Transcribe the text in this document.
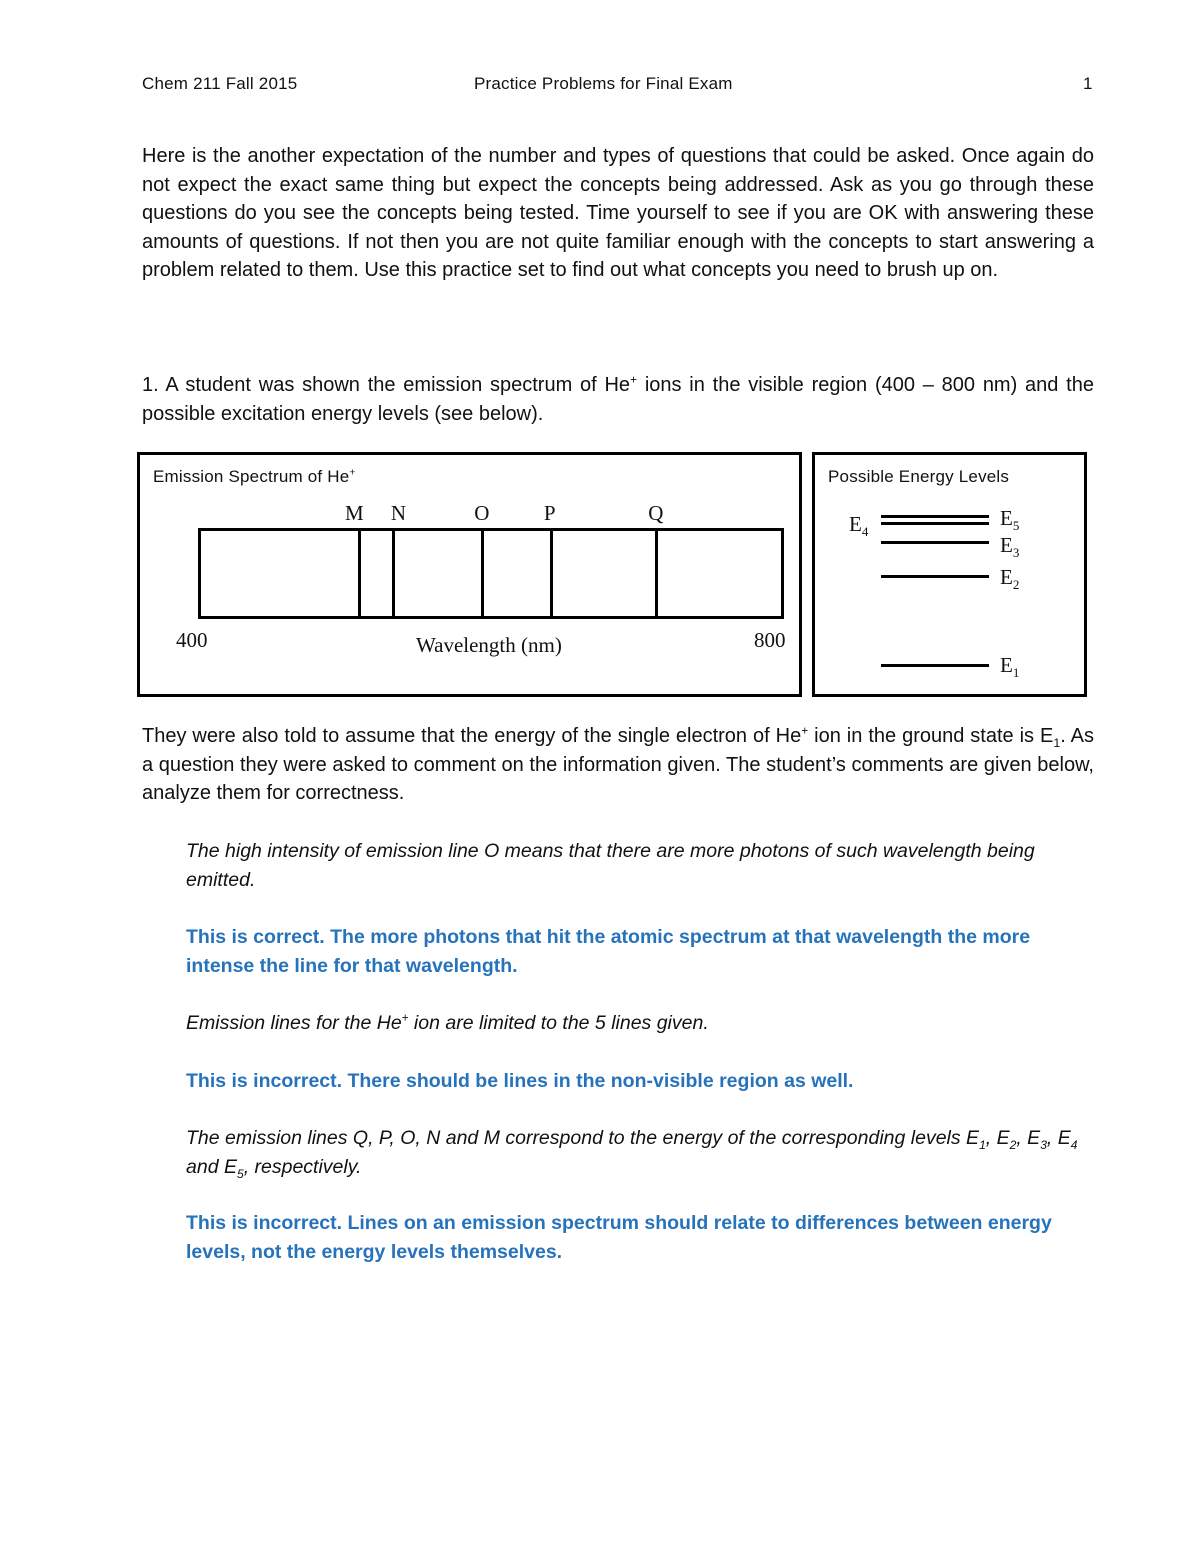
Chem 211 Fall 2015	Practice Problems for Final Exam	1

Here is the another expectation of the number and types of questions that could be asked. Once again do not expect the exact same thing but expect the concepts being addressed. Ask as you go through these questions do you see the concepts being tested. Time yourself to see if you are OK with answering these amounts of questions. If not then you are not quite familiar enough with the concepts to start answering a problem related to them. Use this practice set to find out what concepts you need to brush up on.

1. A student was shown the emission spectrum of He+ ions in the visible region (400 – 800 nm) and the possible excitation energy levels (see below).

Emission Spectrum of He+
M N	O	P	Q
400	Wavelength (nm)	800
Possible Energy Levels
$E_4$
$E_5$
$E_3$
$E_2$
$E_1$

They were also told to assume that the energy of the single electron of He+ ion in the ground state is $E_1$. As a question they were asked to comment on the information given. The student’s comments are given below, analyze them for correctness.

The high intensity of emission line O means that there are more photons of such wavelength being emitted.

This is correct. The more photons that hit the atomic spectrum at that wavelength the more intense the line for that wavelength.

Emission lines for the He+ ion are limited to the 5 lines given.

This is incorrect. There should be lines in the non-visible region as well.

The emission lines Q, P, O, N and M correspond to the energy of the corresponding levels $E_1$, $E_2$, $E_3$, $E_4$ and $E_5$, respectively.

This is incorrect. Lines on an emission spectrum should relate to differences between energy levels, not the energy levels themselves.
